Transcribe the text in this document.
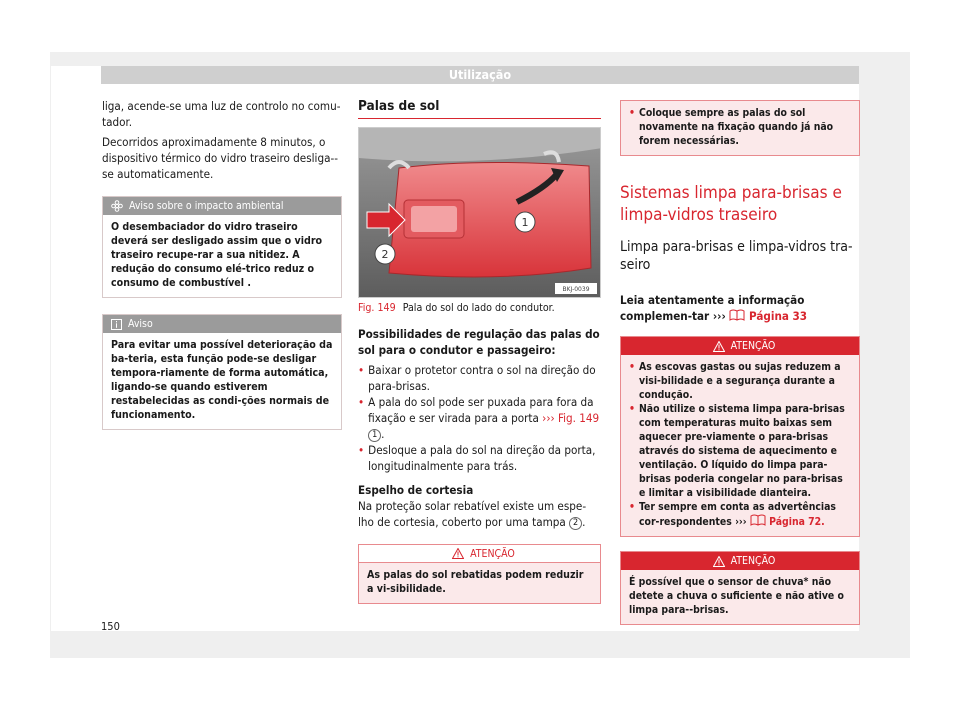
Utilização

liga, acende-se uma luz de controlo no comu-tador.

Decorridos aproximadamente 8 minutos, o dispositivo térmico do vidro traseiro desliga--se automaticamente.

Aviso sobre o impacto ambiental
O desembaciador do vidro traseiro deverá ser desligado assim que o vidro traseiro recupe-rar a sua nitidez. A redução do consumo elé-trico reduz o consumo de combustível .
Aviso
Para evitar uma possível deterioração da ba-teria, esta função pode-se desligar tempora-riamente de forma automática, ligando-se quando estiverem restabelecidas as condi-ções normais de funcionamento.
Palas de sol
1
2
BKJ-0039
Fig. 149 Pala do sol do lado do condutor.

Possibilidades de regulação das palas do sol para o condutor e passageiro:

• Baixar o protetor contra o sol na direção do para-brisas.
• A pala do sol pode ser puxada para fora da fixação e ser virada para a porta ››› Fig. 149 1 .
• Desloque a pala do sol na direção da porta, longitudinalmente para trás.

Espelho de cortesia

Na proteção solar rebatível existe um espe-lho de cortesia, coberto por uma tampa 2 .

ATENÇÃO
As palas do sol rebatidas podem reduzir a vi-sibilidade.
• Coloque sempre as palas do sol novamente na fixação quando já não forem necessárias.
Sistemas limpa para-brisas e limpa-vidros traseiro
Limpa para-brisas e limpa-vidros tra-seiro

Leia atentamente a informação complemen-tar ››› Página 33

ATENÇÃO
• As escovas gastas ou sujas reduzem a visi-bilidade e a segurança durante a condução.
• Não utilize o sistema limpa para-brisas com temperaturas muito baixas sem aquecer pre-viamente o para-brisas através do sistema de aquecimento e ventilação. O líquido do limpa para-brisas poderia congelar no para-brisas e limitar a visibilidade dianteira.
• Ter sempre em conta as advertências cor-respondentes ››› Página 72.
ATENÇÃO
É possível que o sensor de chuva* não detete a chuva o suficiente e não ative o limpa para--brisas.
150
